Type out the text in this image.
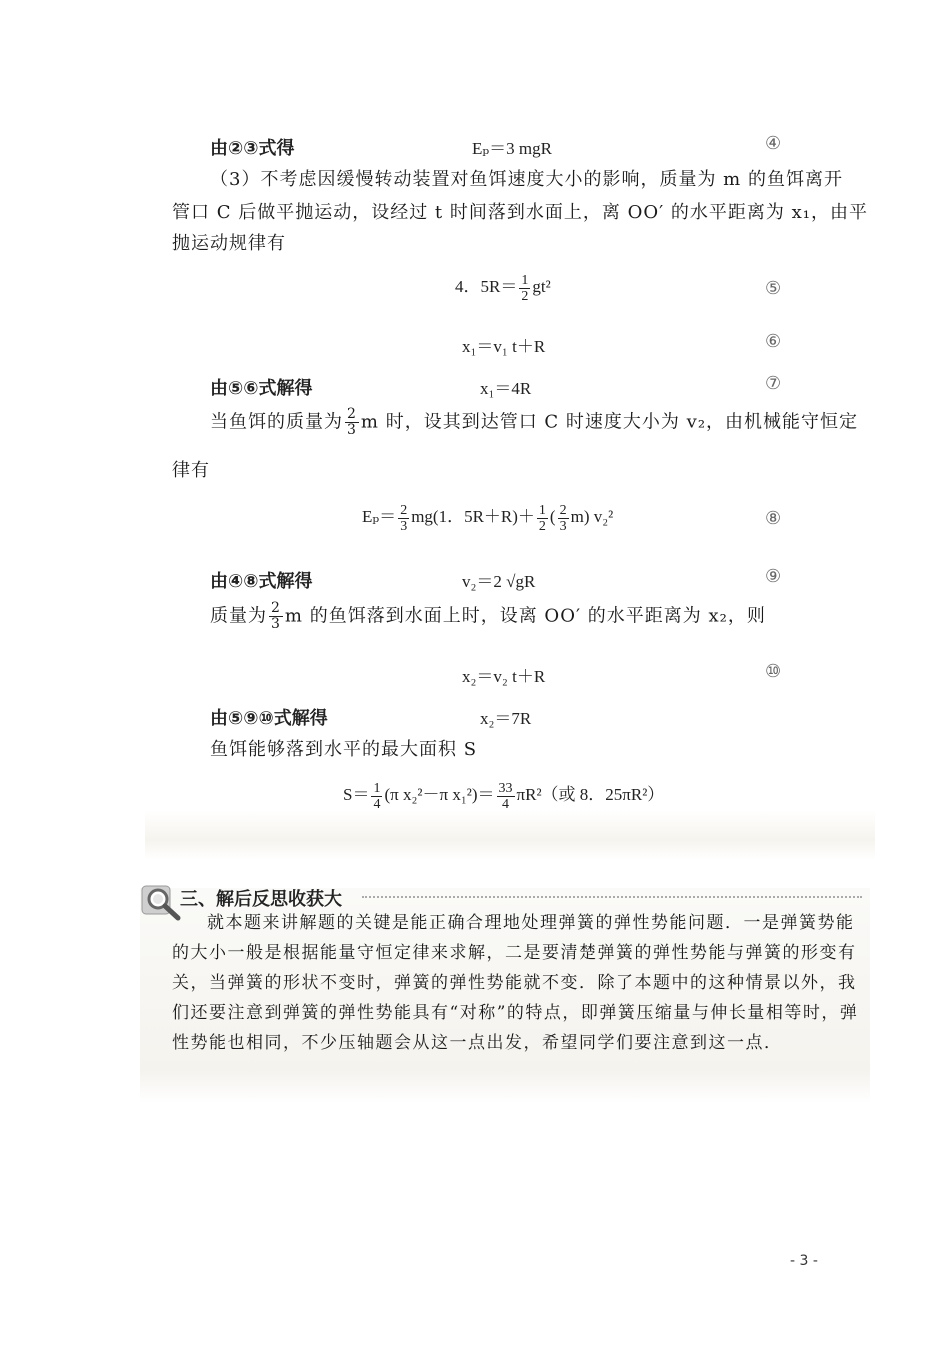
由②③式得	Eₚ＝3 mgR	④
（3）不考虑因缓慢转动装置对鱼饵速度大小的影响，质量为 m 的鱼饵离开
管口 C 后做平抛运动，设经过 t 时间落到水面上，离 OO′ 的水平距离为 x₁，由平
抛运动规律有
4．$5R= \frac{1}{2} gt^2$	⑤
x₁＝v₁ t＋R	⑥
由⑤⑥式解得	x₁＝4R	⑦
当鱼饵的质量为 $\frac{2}{3}$ m 时，设其到达管口 C 时速度大小为 v₂，由机械能守恒定
律有
$E_p= \frac{2}{3} mg(1$．$5R+R)+ \frac{1}{2}$ ( $\frac{2}{3} m$) v₂²	⑧
由④⑧式解得	v₂＝2 √gR	⑨
质量为 $\frac{2}{3}$ m 的鱼饵落到水面上时，设离 OO′ 的水平距离为 x₂，则
x₂＝v₂ t＋R	⑩
由⑤⑨⑩式解得	x₂＝7R
鱼饵能够落到水平的最大面积 S
$S= \frac{1}{4} (\pi$ x₂²－π $x_1^2)= \frac{33}{4} \pi R^2$（或 8．25πR²）
三、解后反思收获大
就本题来讲解题的关键是能正确合理地处理弹簧的弹性势能问题．一是弹簧势能的大小一般是根据能量守恒定律来求解，二是要清楚弹簧的弹性势能与弹簧的形变有关，当弹簧的形状不变时，弹簧的弹性势能就不变．除了本题中的这种情景以外，我们还要注意到弹簧的弹性势能具有“对称”的特点，即弹簧压缩量与伸长量相等时，弹性势能也相同，不少压轴题会从这一点出发，希望同学们要注意到这一点．
- 3 -
